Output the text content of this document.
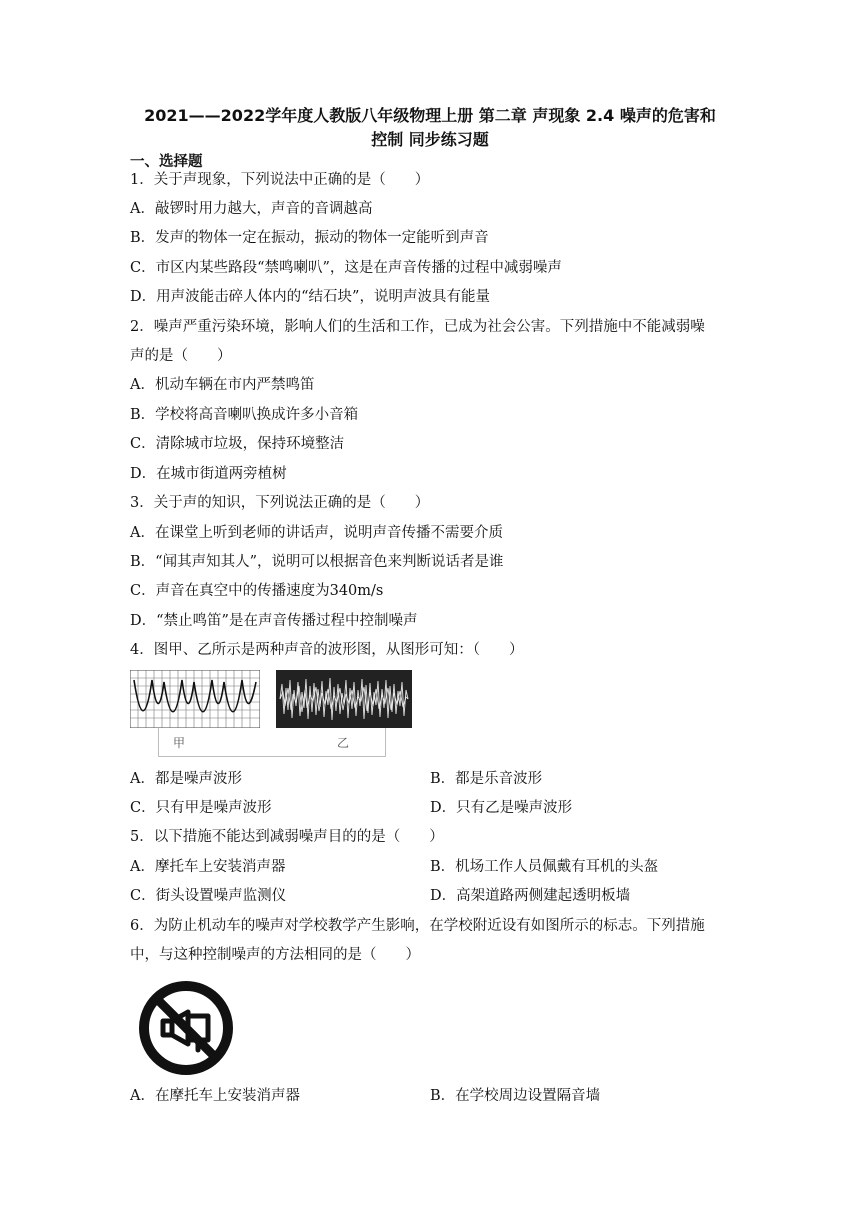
2021——2022学年度人教版八年级物理上册 第二章 声现象 2.4 噪声的危害和
控制 同步练习题
一、选择题
1．关于声现象，下列说法中正确的是（　　）
A．敲锣时用力越大，声音的音调越高
B．发声的物体一定在振动，振动的物体一定能听到声音
C．市区内某些路段“禁鸣喇叭”，这是在声音传播的过程中减弱噪声
D．用声波能击碎人体内的“结石块”，说明声波具有能量
2．噪声严重污染环境，影响人们的生活和工作，已成为社会公害。下列措施中不能减弱噪
声的是（　　）
A．机动车辆在市内严禁鸣笛
B．学校将高音喇叭换成许多小音箱
C．清除城市垃圾，保持环境整洁
D．在城市街道两旁植树
3．关于声的知识，下列说法正确的是（　　）
A．在课堂上听到老师的讲话声，说明声音传播不需要介质
B．“闻其声知其人”，说明可以根据音色来判断说话者是谁
C．声音在真空中的传播速度为340m/s
D．“禁止鸣笛”是在声音传播过程中控制噪声
4．图甲、乙所示是两种声音的波形图，从图形可知：（　　）
甲	乙
A．都是噪声波形	B．都是乐音波形
C．只有甲是噪声波形	D．只有乙是噪声波形
5．以下措施不能达到减弱噪声目的的是（　　）
A．摩托车上安装消声器	B．机场工作人员佩戴有耳机的头盔
C．街头设置噪声监测仪	D．高架道路两侧建起透明板墙
6．为防止机动车的噪声对学校教学产生影响，在学校附近设有如图所示的标志。下列措施
中，与这种控制噪声的方法相同的是（　　）
A．在摩托车上安装消声器	B．在学校周边设置隔音墙
